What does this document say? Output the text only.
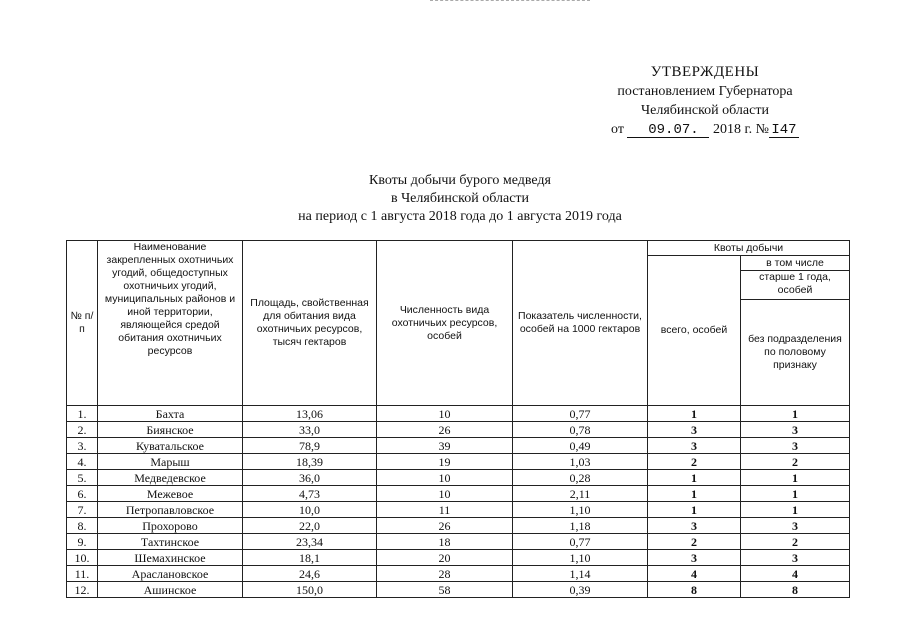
УТВЕРЖДЕНЫ
постановлением Губернатора
Челябинской области
от 09.07. 2018 г. № I47
Квоты добычи бурого медведя
в Челябинской области
на период с 1 августа 2018 года до 1 августа 2019 года
№ п/п	Наименование закрепленных охотничьих угодий, общедоступных охотничьих угодий, муниципальных районов и иной территории, являющейся средой обитания охотничьих ресурсов	Площадь, свойственная для обитания вида охотничьих ресурсов, тысяч гектаров	Численность вида охотничьих ресурсов, особей	Показатель численности, особей на 1000 гектаров	Квоты добычи	
					всего, особей	в том числе
						старше 1 года, особей
						без подразделения по половому признаку
1.	Бахта	13,06	10	0,77	1	1
2.	Биянское	33,0	26	0,78	3	3
3.	Куватальское	78,9	39	0,49	3	3
4.	Марыш	18,39	19	1,03	2	2
5.	Медведевское	36,0	10	0,28	1	1
6.	Межевое	4,73	10	2,11	1	1
7.	Петропавловское	10,0	11	1,10	1	1
8.	Прохорово	22,0	26	1,18	3	3
9.	Тахтинское	23,34	18	0,77	2	2
10.	Шемахинское	18,1	20	1,10	3	3
11.	Арасланoвское	24,6	28	1,14	4	4
12.	Ашинское	150,0	58	0,39	8	8
